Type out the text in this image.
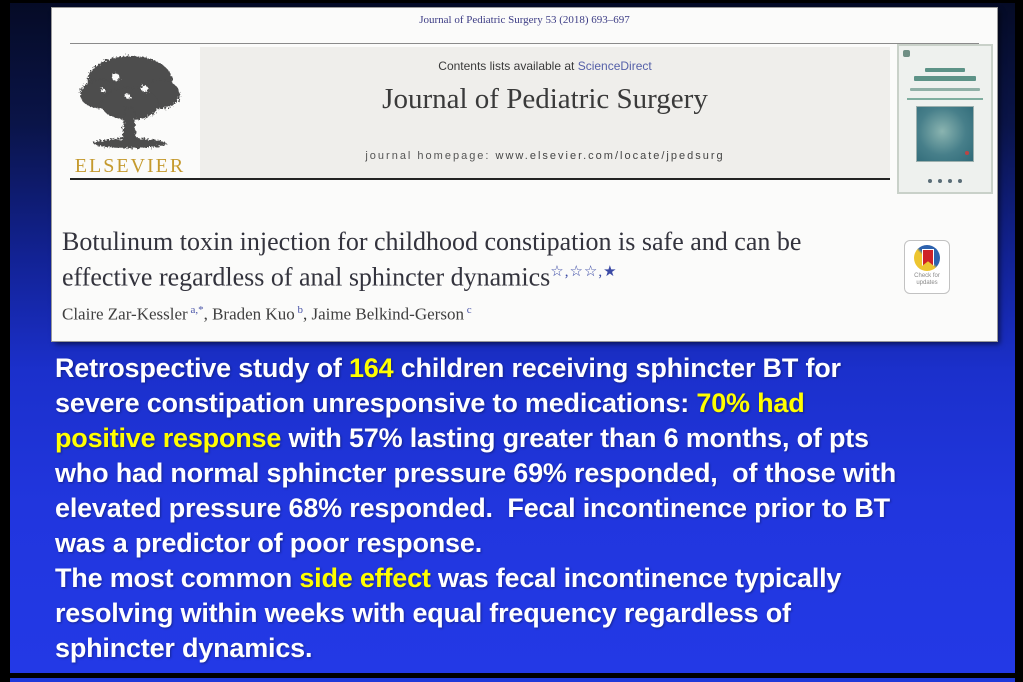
Journal of Pediatric Surgery 53 (2018) 693–697
ELSEVIER
Contents lists available at ScienceDirect
Journal of Pediatric Surgery
journal homepage: www.elsevier.com/locate/jpedsurg
Botulinum toxin injection for childhood constipation is safe and can be
effective regardless of anal sphincter dynamics☆,☆☆,★	Check for
updates
Claire Zar-Kessler $^{a,*}$, Braden Kuo $^b$, Jaime Belkind-Gerson $^c$
Retrospective study of 164 children receiving sphincter BT for
severe constipation unresponsive to medications: 70% had
positive response with 57% lasting greater than 6 months, of pts
who had normal sphincter pressure 69% responded,  of those with
elevated pressure 68% responded.  Fecal incontinence prior to BT
was a predictor of poor response.
The most common side effect was fecal incontinence typically
resolving within weeks with equal frequency regardless of
sphincter dynamics.
